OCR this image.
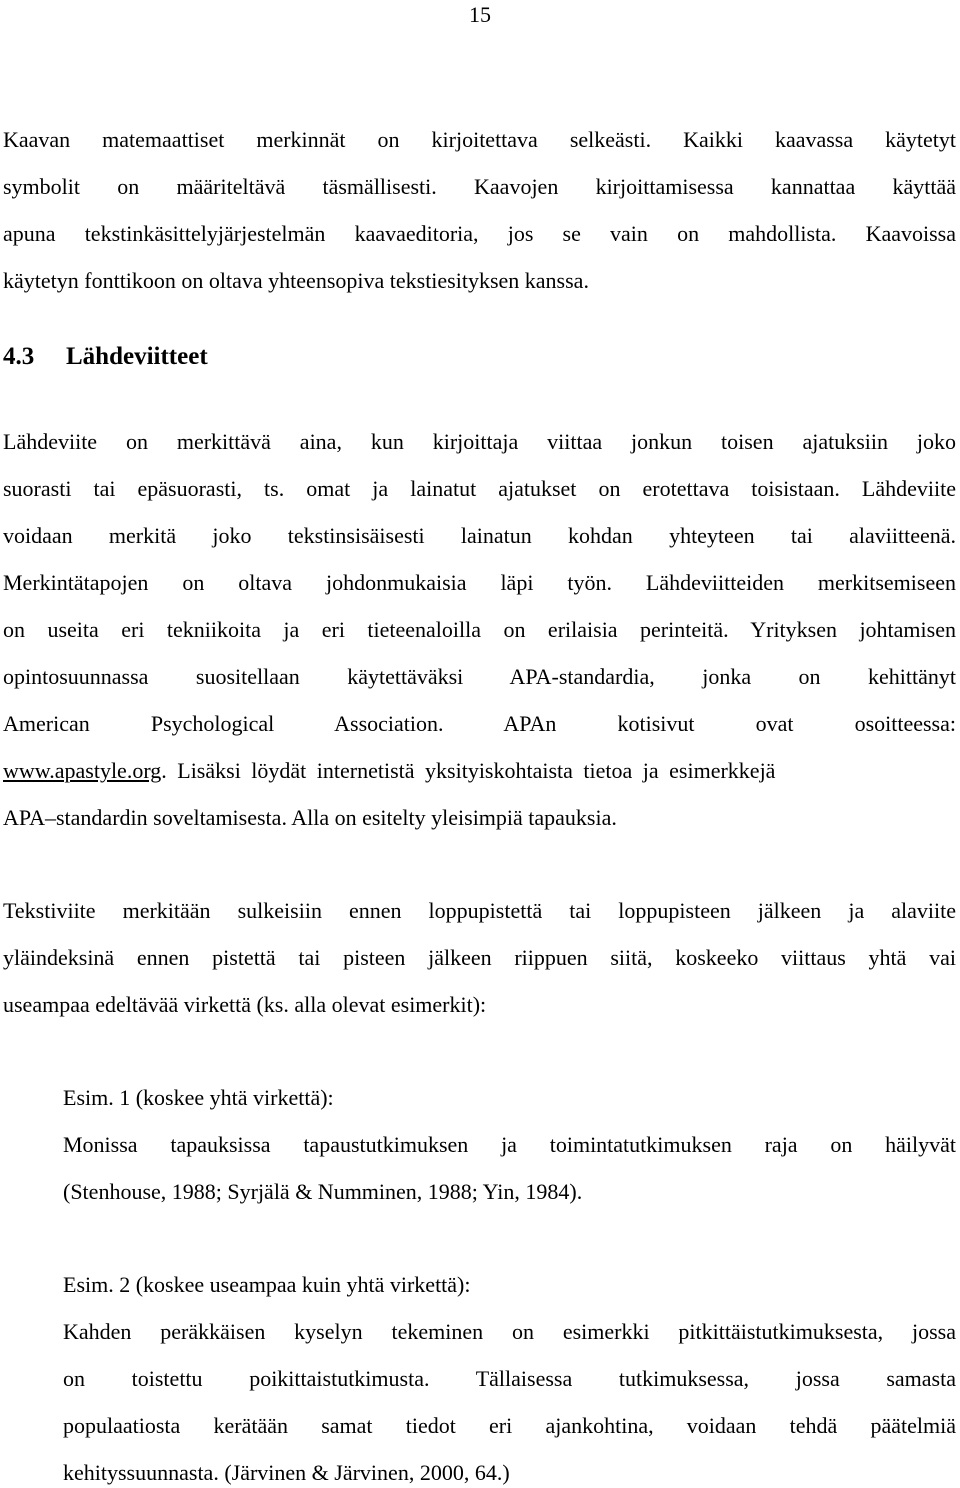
15
Kaavan matemaattiset merkinnät on kirjoitettava selkeästi. Kaikki kaavassa käytetyt
symbolit on määriteltävä täsmällisesti. Kaavojen kirjoittamisessa kannattaa käyttää
apuna tekstinkäsittelyjärjestelmän kaavaeditoria, jos se vain on mahdollista. Kaavoissa
käytetyn fonttikoon on oltava yhteensopiva tekstiesityksen kanssa.
4.3 Lähdeviitteet
Lähdeviite on merkittävä aina, kun kirjoittaja viittaa jonkun toisen ajatuksiin joko
suorasti tai epäsuorasti, ts. omat ja lainatut ajatukset on erotettava toisistaan. Lähdeviite
voidaan merkitä joko tekstinsisäisesti lainatun kohdan yhteyteen tai alaviitteenä.
Merkintätapojen on oltava johdonmukaisia läpi työn. Lähdeviitteiden merkitsemiseen
on useita eri tekniikoita ja eri tieteenaloilla on erilaisia perinteitä. Yrityksen johtamisen
opintosuunnassa suositellaan käytettäväksi APA-standardia, jonka on kehittänyt
American Psychological Association. APAn kotisivut ovat osoitteessa:
www.apastyle.org. Lisäksi löydät internetistä yksityiskohtaista tietoa ja esimerkkejä
APA–standardin soveltamisesta. Alla on esitelty yleisimpiä tapauksia.
Tekstiviite merkitään sulkeisiin ennen loppupistettä tai loppupisteen jälkeen ja alaviite
yläindeksinä ennen pistettä tai pisteen jälkeen riippuen siitä, koskeeko viittaus yhtä vai
useampaa edeltävää virkettä (ks. alla olevat esimerkit):
Esim. 1 (koskee yhtä virkettä):
Monissa tapauksissa tapaustutkimuksen ja toimintatutkimuksen raja on häilyvät
(Stenhouse, 1988; Syrjälä & Numminen, 1988; Yin, 1984).
Esim. 2 (koskee useampaa kuin yhtä virkettä):
Kahden peräkkäisen kyselyn tekeminen on esimerkki pitkittäistutkimuksesta, jossa
on toistettu poikittaistutkimusta. Tällaisessa tutkimuksessa, jossa samasta
populaatiosta kerätään samat tiedot eri ajankohtina, voidaan tehdä päätelmiä
kehityssuunnasta. (Järvinen & Järvinen, 2000, 64.)
